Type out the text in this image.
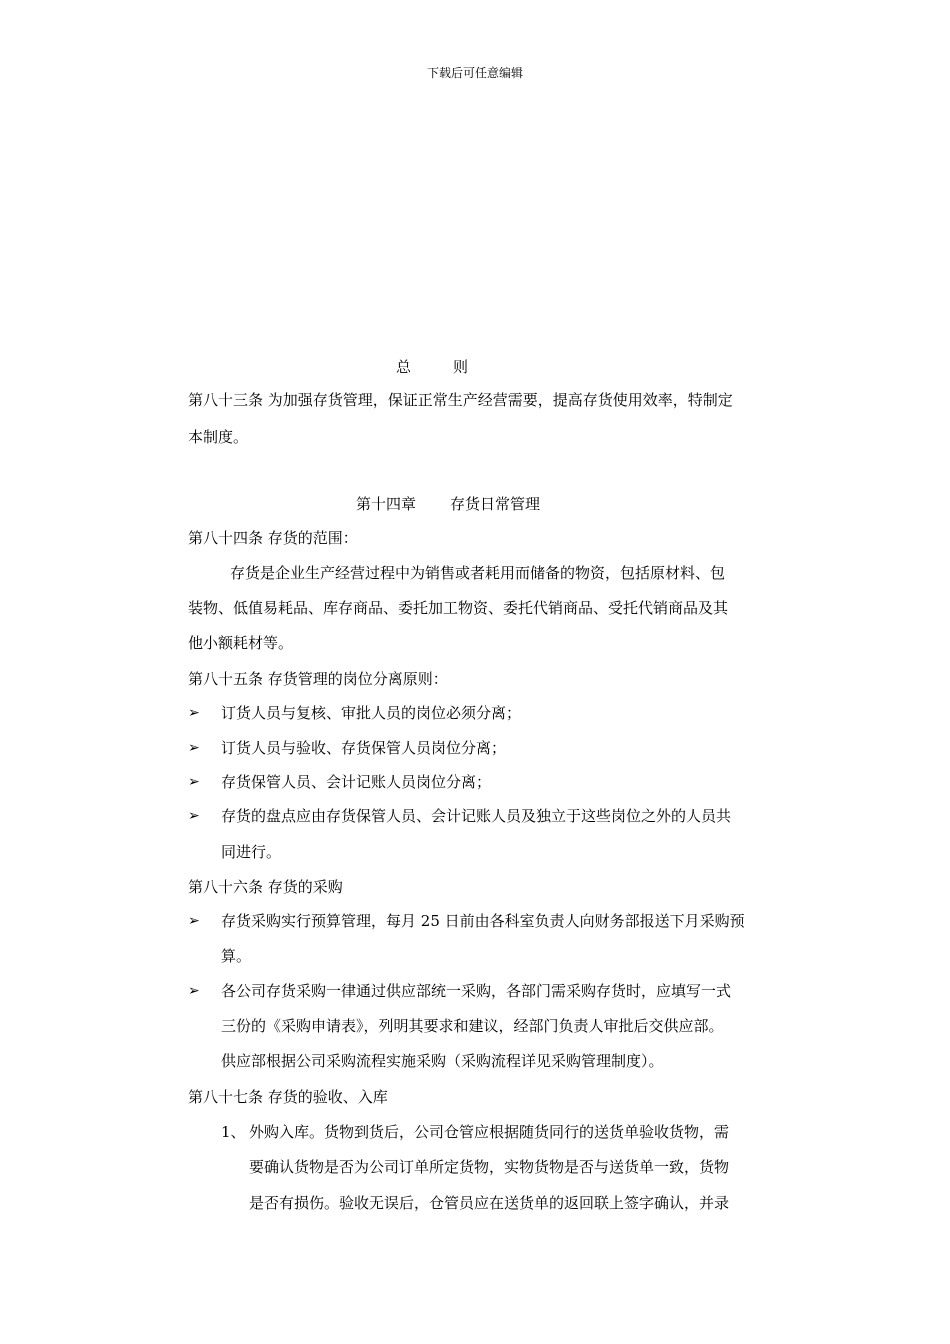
下载后可任意编辑
总	则
第八十三条 为加强存货管理，保证正常生产经营需要，提高存货使用效率，特制定
本制度。
第十四章 存货日常管理
第八十四条 存货的范围：
存货是企业生产经营过程中为销售或者耗用而储备的物资，包括原材料、包
装物、低值易耗品、库存商品、委托加工物资、委托代销商品、受托代销商品及其
他小额耗材等。
第八十五条 存货管理的岗位分离原则：
➢ 订货人员与复核、审批人员的岗位必须分离；
➢ 订货人员与验收、存货保管人员岗位分离；
➢ 存货保管人员、会计记账人员岗位分离；
➢ 存货的盘点应由存货保管人员、会计记账人员及独立于这些岗位之外的人员共
同进行。
第八十六条 存货的采购
➢ 存货采购实行预算管理，每月 25 日前由各科室负责人向财务部报送下月采购预
算。
➢ 各公司存货采购一律通过供应部统一采购，各部门需采购存货时，应填写一式
三份的《采购申请表》，列明其要求和建议，经部门负责人审批后交供应部。
供应部根据公司采购流程实施采购（采购流程详见采购管理制度）。
第八十七条 存货的验收、入库
1、 外购入库。货物到货后，公司仓管应根据随货同行的送货单验收货物，需
要确认货物是否为公司订单所定货物，实物货物是否与送货单一致，货物
是否有损伤。验收无误后，仓管员应在送货单的返回联上签字确认，并录
